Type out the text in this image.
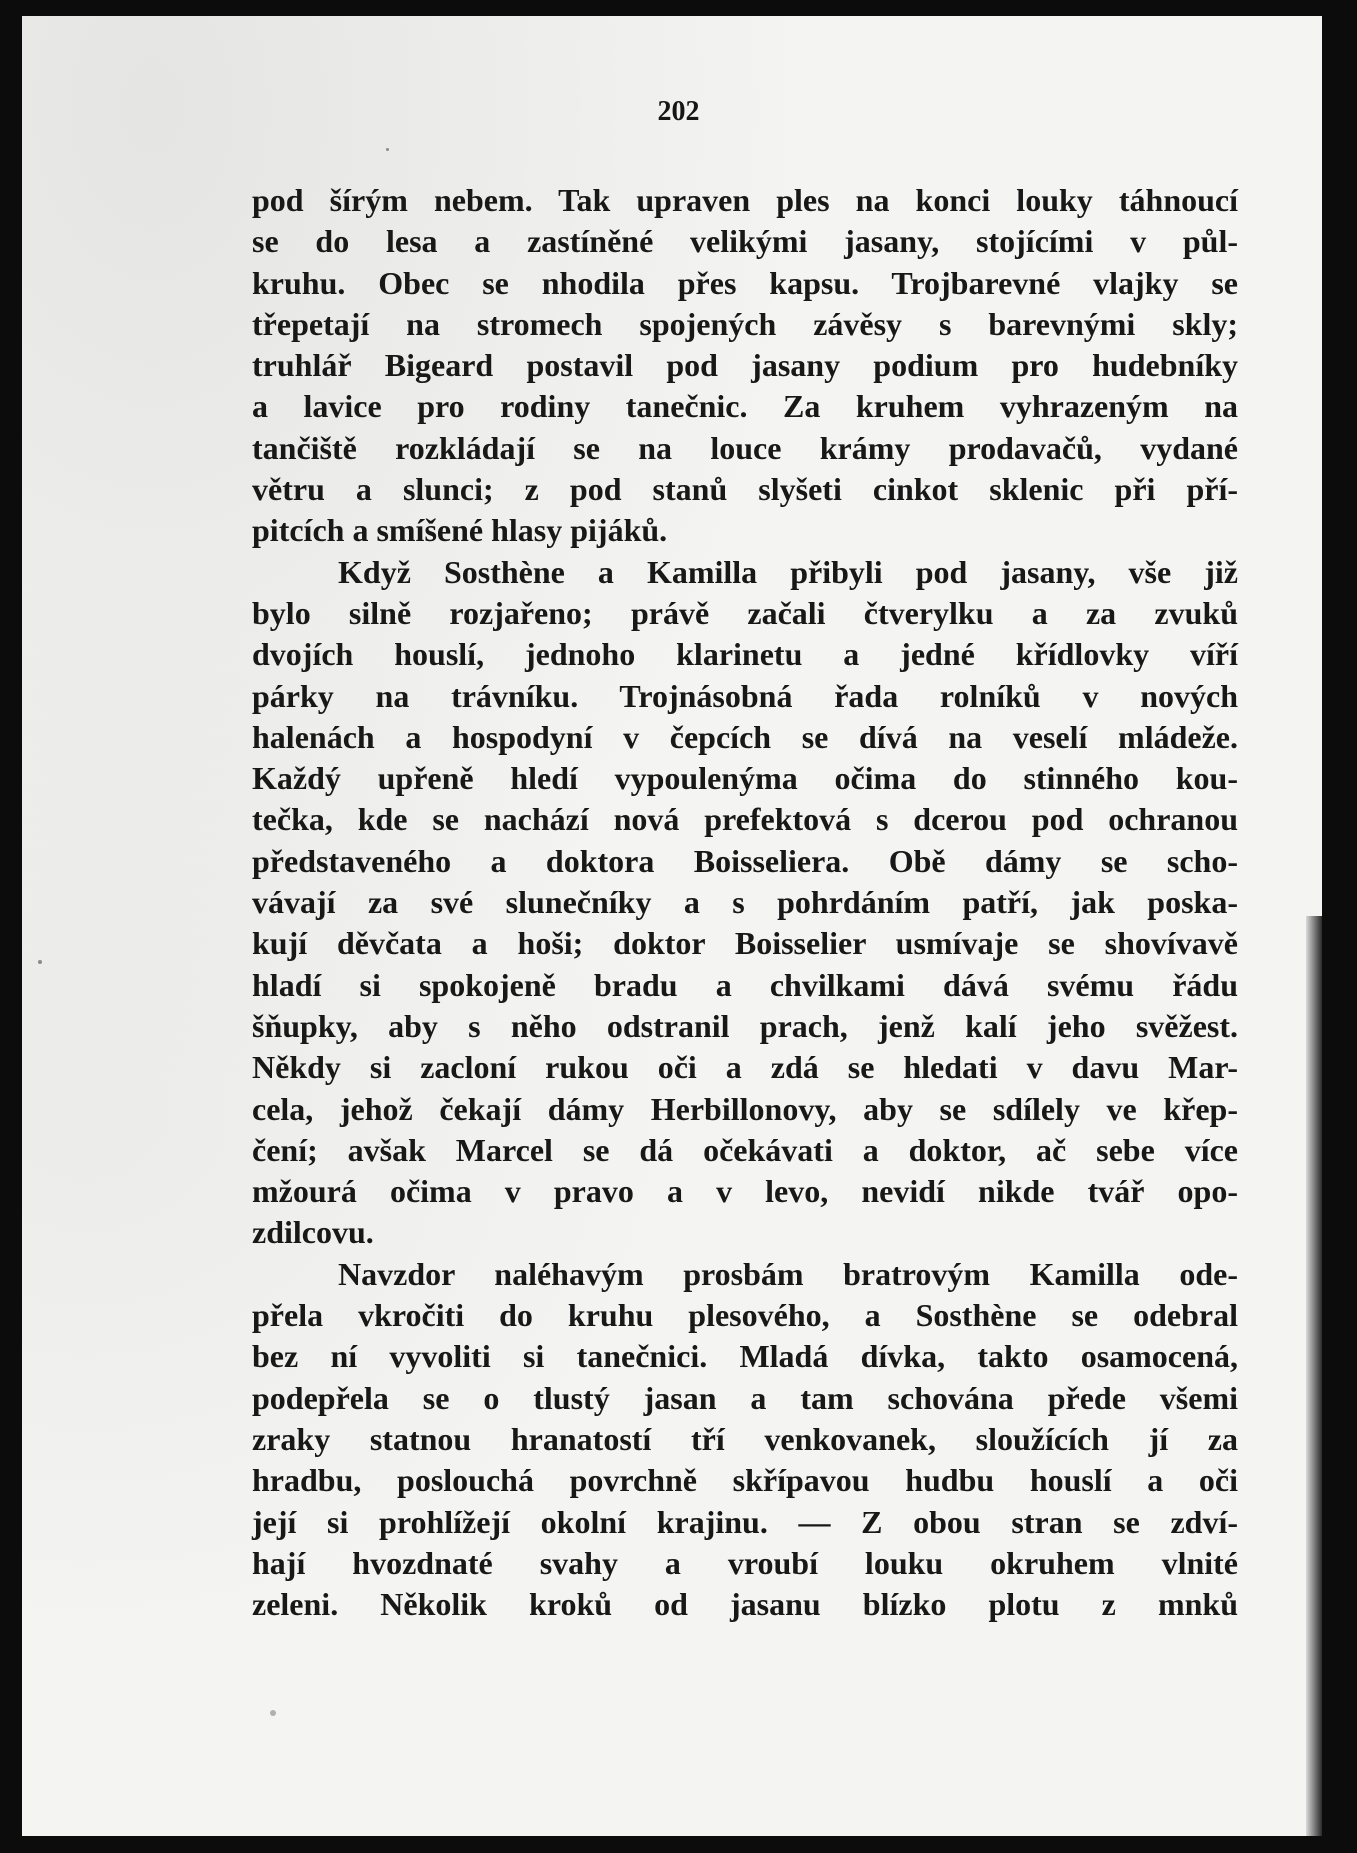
202
pod šírým nebem. Tak upraven ples na konci louky táhnoucí
se do lesa a zastíněné velikými jasany, stojícími v půl-
kruhu. Obec se nhodila přes kapsu. Trojbarevné vlajky se
třepetají na stromech spojených závěsy s barevnými skly;
truhlář Bigeard postavil pod jasany podium pro hudebníky
a lavice pro rodiny tanečnic. Za kruhem vyhrazeným na
tančiště rozkládají se na louce krámy prodavačů, vydané
větru a slunci; z pod stanů slyšeti cinkot sklenic při pří-
pitcích a smíšené hlasy pijáků.
Když Sosthène a Kamilla přibyli pod jasany, vše již
bylo silně rozjařeno; právě začali čtverylku a za zvuků
dvojích houslí, jednoho klarinetu a jedné křídlovky víří
párky na trávníku. Trojnásobná řada rolníků v nových
halenách a hospodyní v čepcích se dívá na veselí mládeže.
Každý upřeně hledí vypoulenýma očima do stinného kou-
tečka, kde se nachází nová prefektová s dcerou pod ochranou
představeného a doktora Boisseliera. Obě dámy se scho-
vávají za své slunečníky a s pohrdáním patří, jak poska-
kují děvčata a hoši; doktor Boisselier usmívaje se shovívavě
hladí si spokojeně bradu a chvilkami dává svému řádu
šňupky, aby s něho odstranil prach, jenž kalí jeho svěžest.
Někdy si zacloní rukou oči a zdá se hledati v davu Mar-
cela, jehož čekají dámy Herbillonovy, aby se sdílely ve křep-
čení; avšak Marcel se dá očekávati a doktor, ač sebe více
mžourá očima v pravo a v levo, nevidí nikde tvář opo-
zdilcovu.
Navzdor naléhavým prosbám bratrovým Kamilla ode-
přela vkročiti do kruhu plesového, a Sosthène se odebral
bez ní vyvoliti si tanečnici. Mladá dívka, takto osamocená,
podepřela se o tlustý jasan a tam schována přede všemi
zraky statnou hranatostí tří venkovanek, sloužících jí za
hradbu, poslouchá povrchně skřípavou hudbu houslí a oči
její si prohlížejí okolní krajinu. — Z obou stran se zdví-
hají hvozdnaté svahy a vroubí louku okruhem vlnité
zeleni. Několik kroků od jasanu blízko plotu z mnků
